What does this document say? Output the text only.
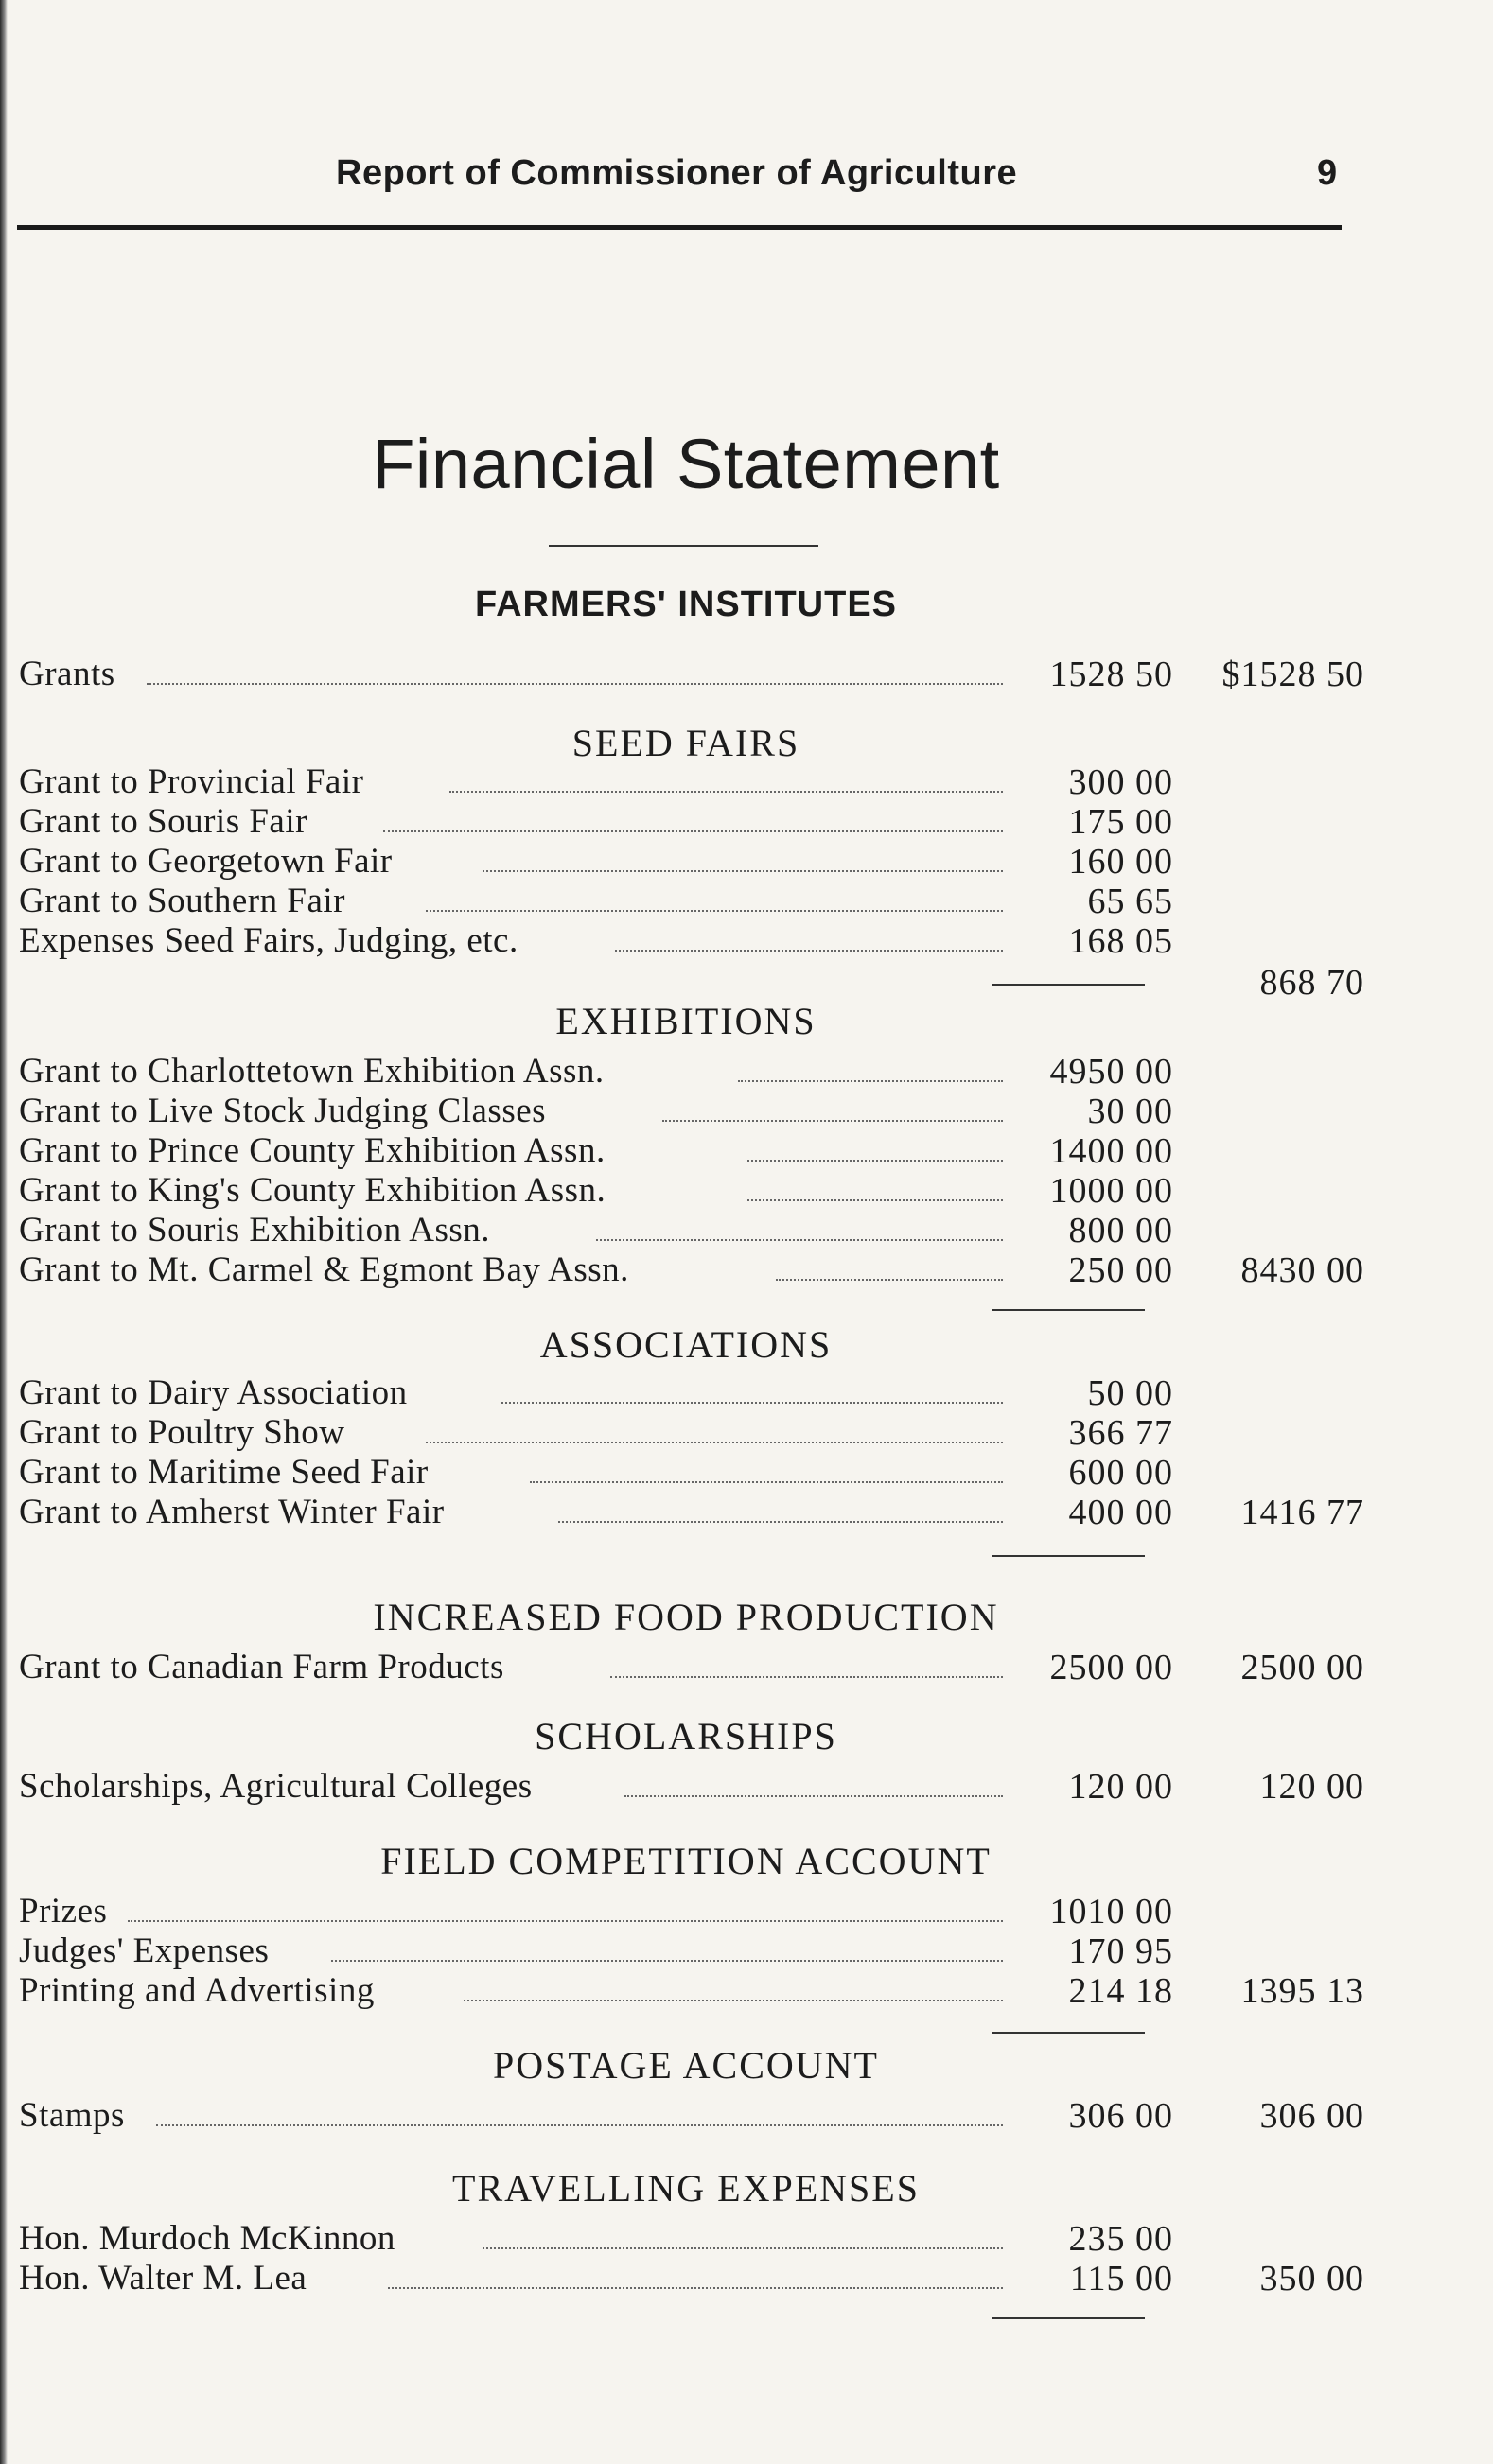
Report of Commissioner of Agriculture	9
Financial Statement
FARMERS' INSTITUTES
Grants	1528 50	$1528 50
SEED FAIRS
Grant to Provincial Fair	300 00
Grant to Souris Fair	175 00
Grant to Georgetown Fair	160 00
Grant to Southern Fair	65 65
Expenses Seed Fairs, Judging, etc.	168 05
868 70
EXHIBITIONS
Grant to Charlottetown Exhibition Assn.	4950 00
Grant to Live Stock Judging Classes	30 00
Grant to Prince County Exhibition Assn.	1400 00
Grant to King's County Exhibition Assn.	1000 00
Grant to Souris Exhibition Assn.	800 00
Grant to Mt. Carmel & Egmont Bay Assn.	250 00	8430 00
ASSOCIATIONS
Grant to Dairy Association	50 00
Grant to Poultry Show	366 77
Grant to Maritime Seed Fair	600 00
Grant to Amherst Winter Fair	400 00	1416 77
INCREASED FOOD PRODUCTION
Grant to Canadian Farm Products	2500 00	2500 00
SCHOLARSHIPS
Scholarships, Agricultural Colleges	120 00	120 00
FIELD COMPETITION ACCOUNT
Prizes	1010 00
Judges' Expenses	170 95
Printing and Advertising	214 18	1395 13
POSTAGE ACCOUNT
Stamps	306 00	306 00
TRAVELLING EXPENSES
Hon. Murdoch McKinnon	235 00
Hon. Walter M. Lea	115 00	350 00
